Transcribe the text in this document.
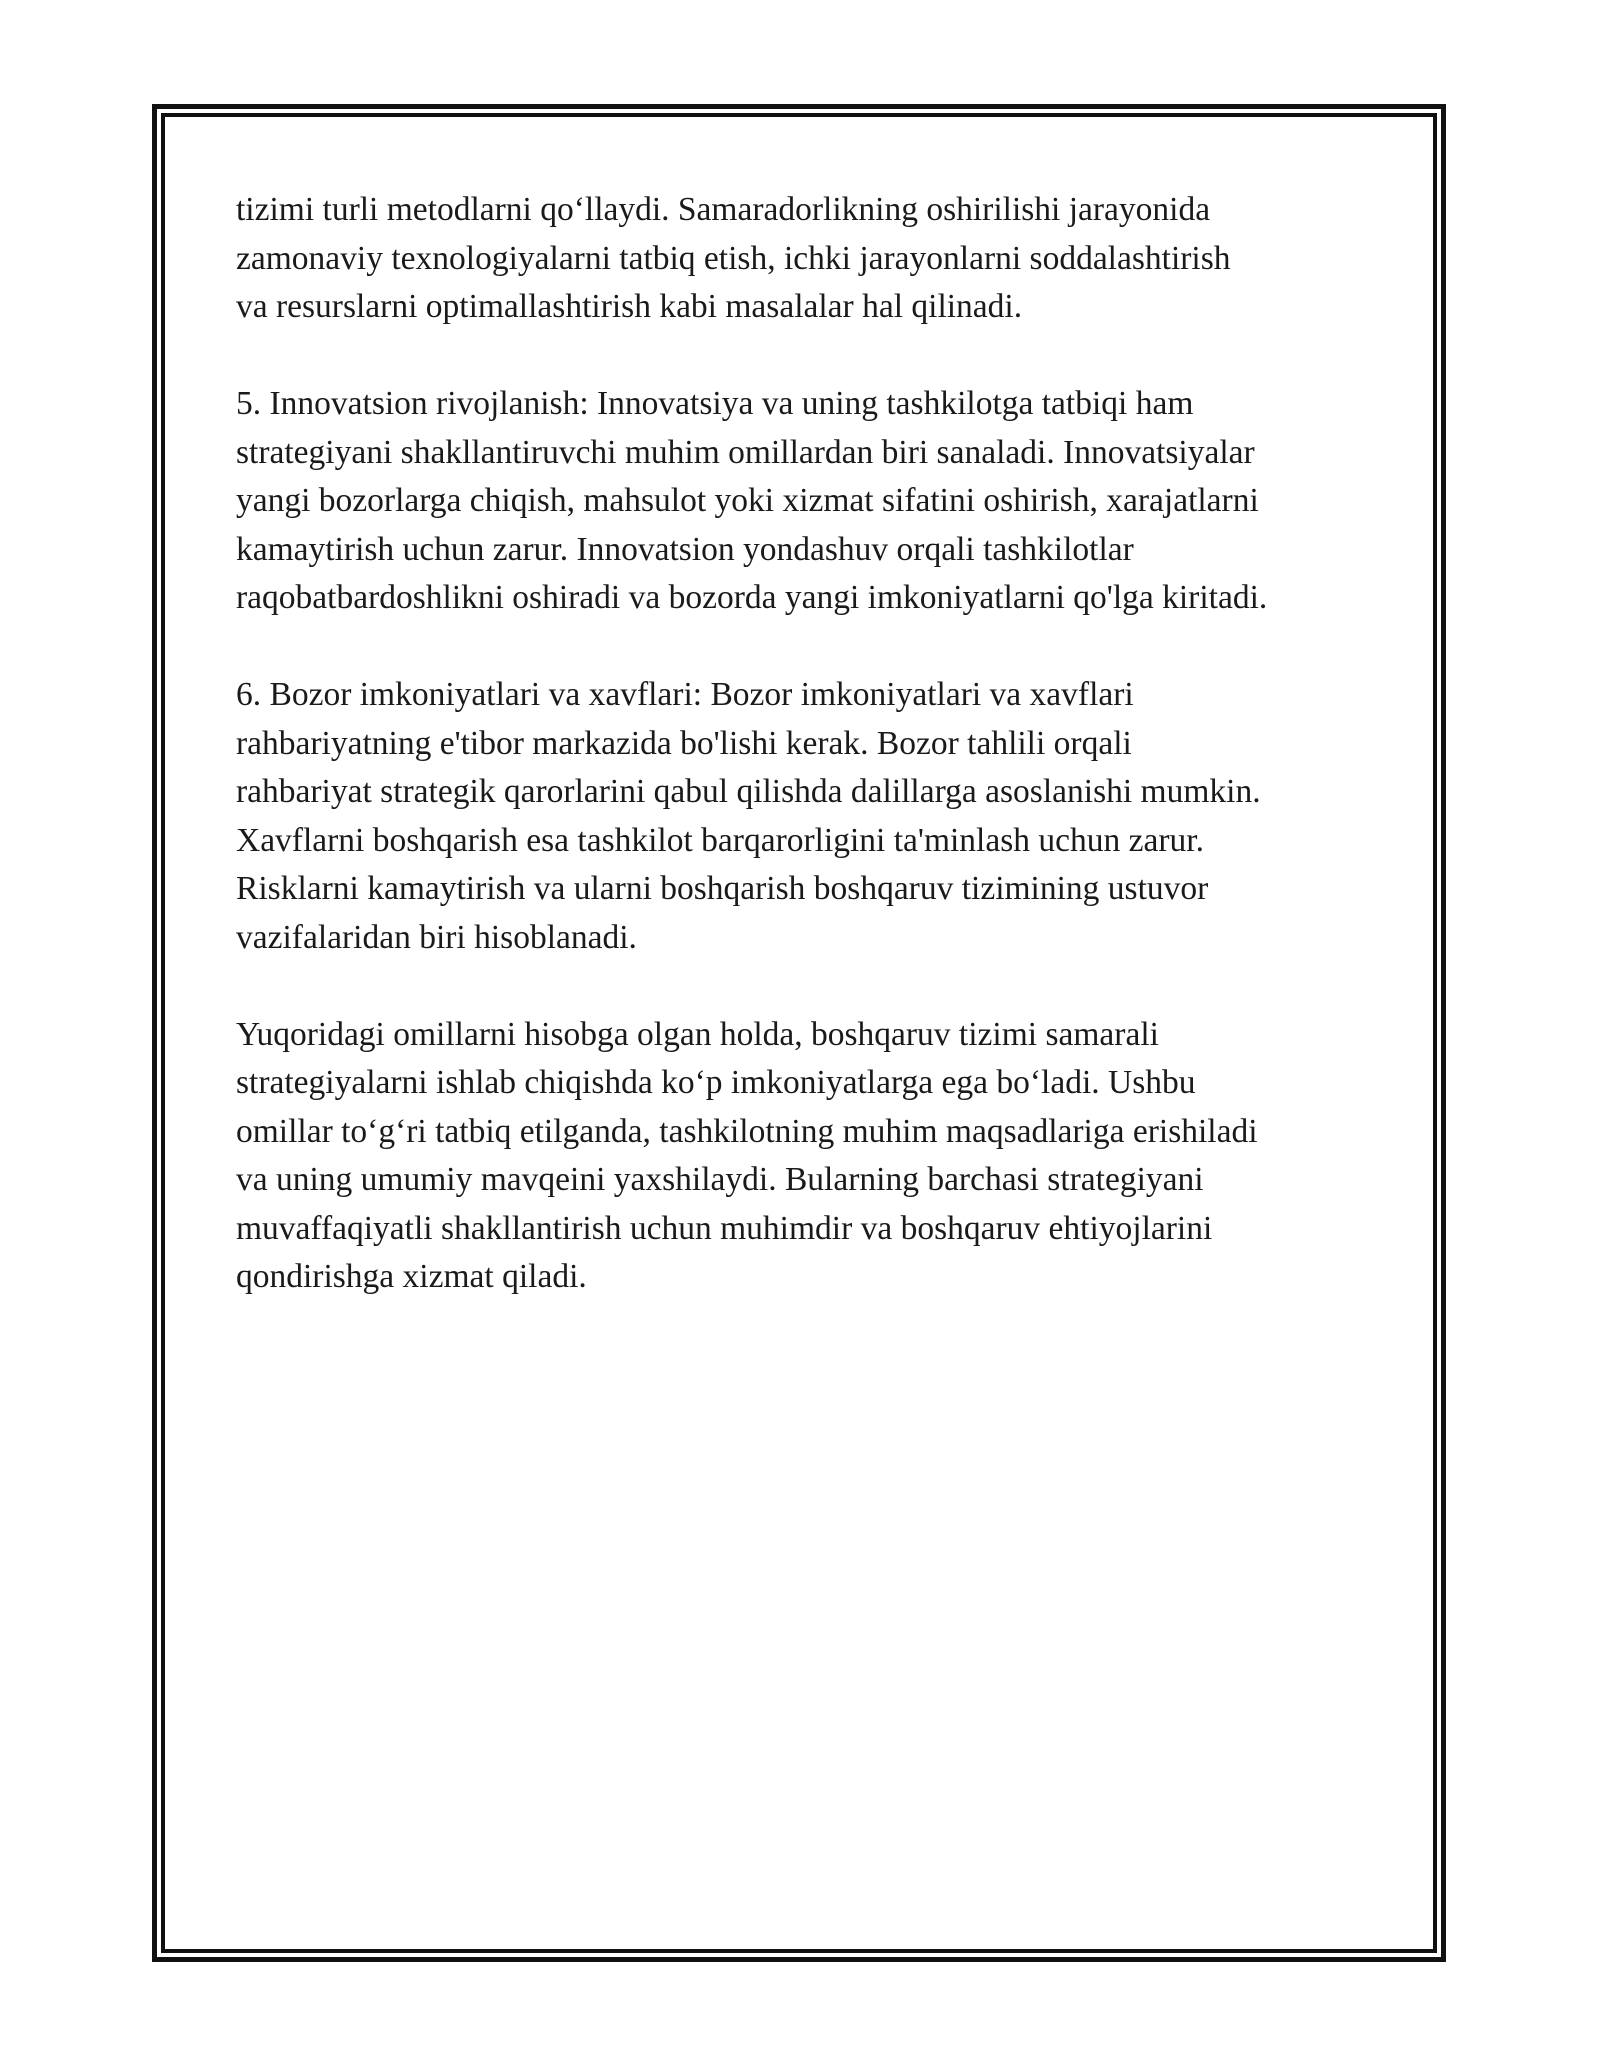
tizimi turli metodlarni qo‘llaydi. Samaradorlikning oshirilishi jarayonida
zamonaviy texnologiyalarni tatbiq etish, ichki jarayonlarni soddalashtirish
va resurslarni optimallashtirish kabi masalalar hal qilinadi.

5. Innovatsion rivojlanish: Innovatsiya va uning tashkilotga tatbiqi ham
strategiyani shakllantiruvchi muhim omillardan biri sanaladi. Innovatsiyalar
yangi bozorlarga chiqish, mahsulot yoki xizmat sifatini oshirish, xarajatlarni
kamaytirish uchun zarur. Innovatsion yondashuv orqali tashkilotlar
raqobatbardoshlikni oshiradi va bozorda yangi imkoniyatlarni qo'lga kiritadi.

6. Bozor imkoniyatlari va xavflari: Bozor imkoniyatlari va xavflari
rahbariyatning e'tibor markazida bo'lishi kerak. Bozor tahlili orqali
rahbariyat strategik qarorlarini qabul qilishda dalillarga asoslanishi mumkin.
Xavflarni boshqarish esa tashkilot barqarorligini ta'minlash uchun zarur.
Risklarni kamaytirish va ularni boshqarish boshqaruv tizimining ustuvor
vazifalaridan biri hisoblanadi.

Yuqoridagi omillarni hisobga olgan holda, boshqaruv tizimi samarali
strategiyalarni ishlab chiqishda ko‘p imkoniyatlarga ega bo‘ladi. Ushbu
omillar to‘g‘ri tatbiq etilganda, tashkilotning muhim maqsadlariga erishiladi
va uning umumiy mavqeini yaxshilaydi. Bularning barchasi strategiyani
muvaffaqiyatli shakllantirish uchun muhimdir va boshqaruv ehtiyojlarini
qondirishga xizmat qiladi.
